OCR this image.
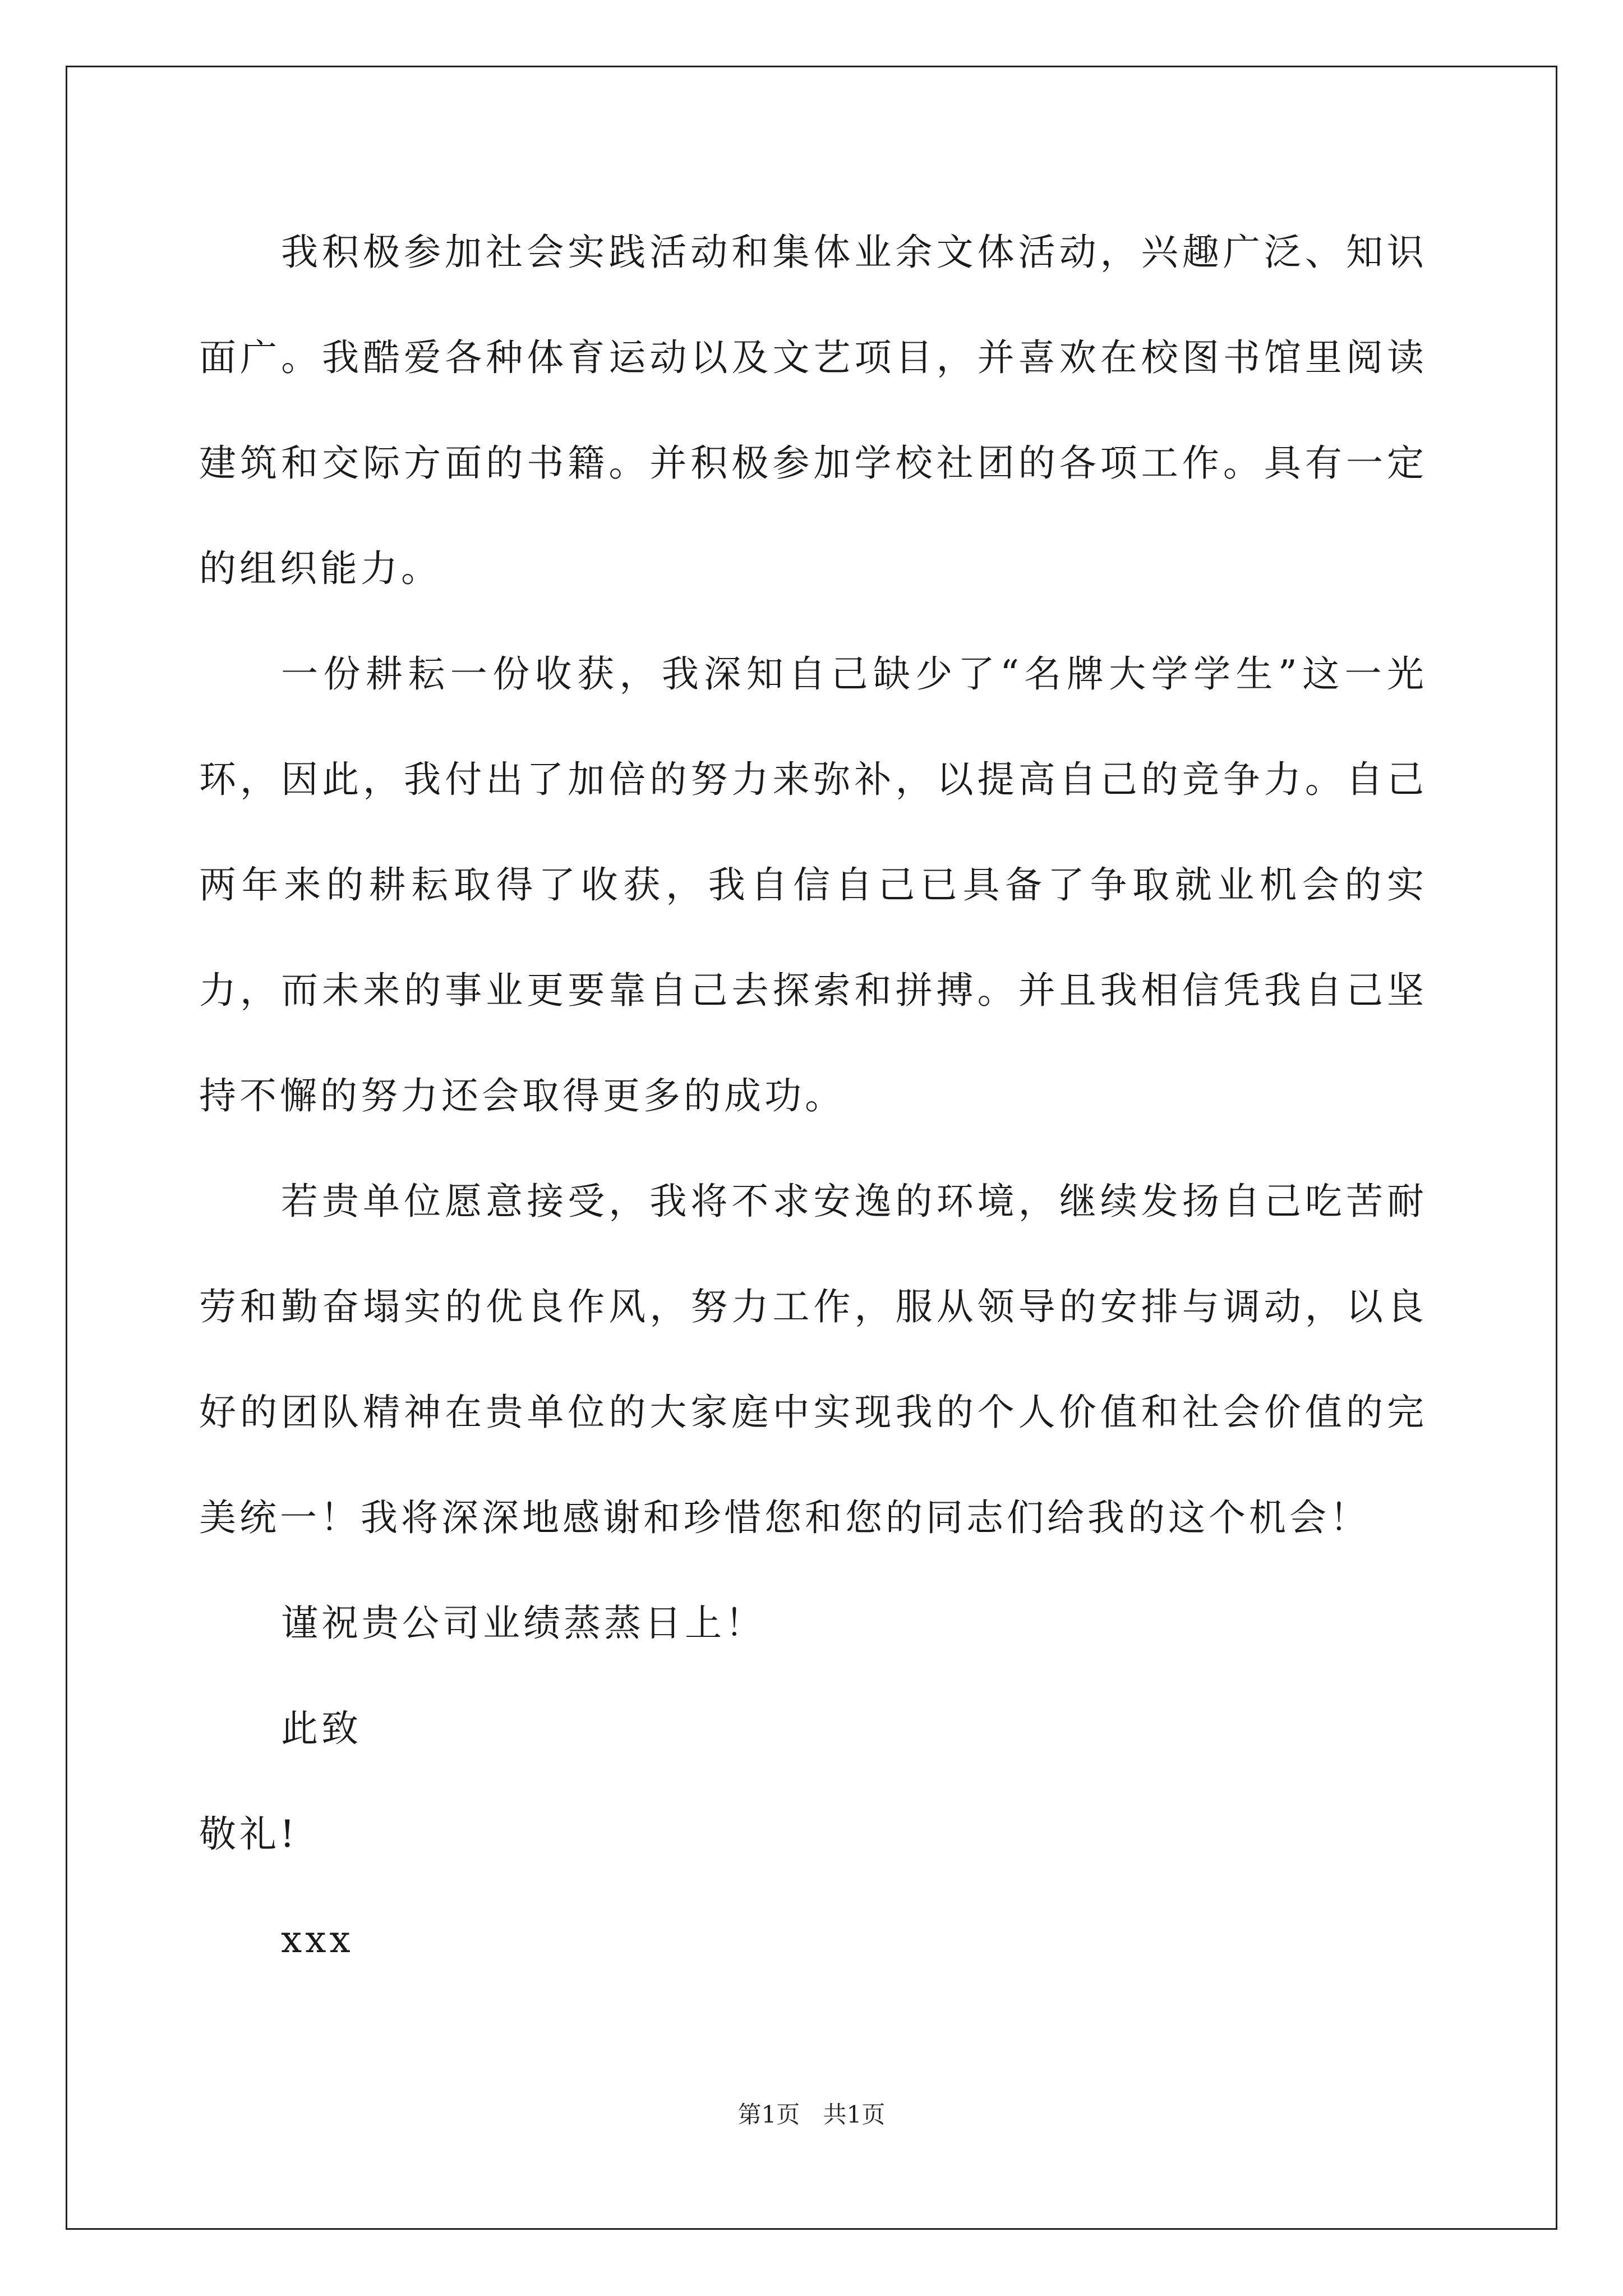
我积极参加社会实践活动和集体业余文体活动，兴趣广泛、知识面广。我酷爱各种体育运动以及文艺项目，并喜欢在校图书馆里阅读建筑和交际方面的书籍。并积极参加学校社团的各项工作。具有一定的组织能力。

一份耕耘一份收获，我深知自己缺少了“名牌大学学生”这一光环，因此，我付出了加倍的努力来弥补，以提高自己的竞争力。自己两年来的耕耘取得了收获，我自信自己已具备了争取就业机会的实力，而未来的事业更要靠自己去探索和拼搏。并且我相信凭我自己坚持不懈的努力还会取得更多的成功。

若贵单位愿意接受，我将不求安逸的环境，继续发扬自己吃苦耐劳和勤奋塌实的优良作风，努力工作，服从领导的安排与调动，以良好的团队精神在贵单位的大家庭中实现我的个人价值和社会价值的完美统一！我将深深地感谢和珍惜您和您的同志们给我的这个机会！

谨祝贵公司业绩蒸蒸日上！

此致

敬礼!

xxx

第1页 共1页
